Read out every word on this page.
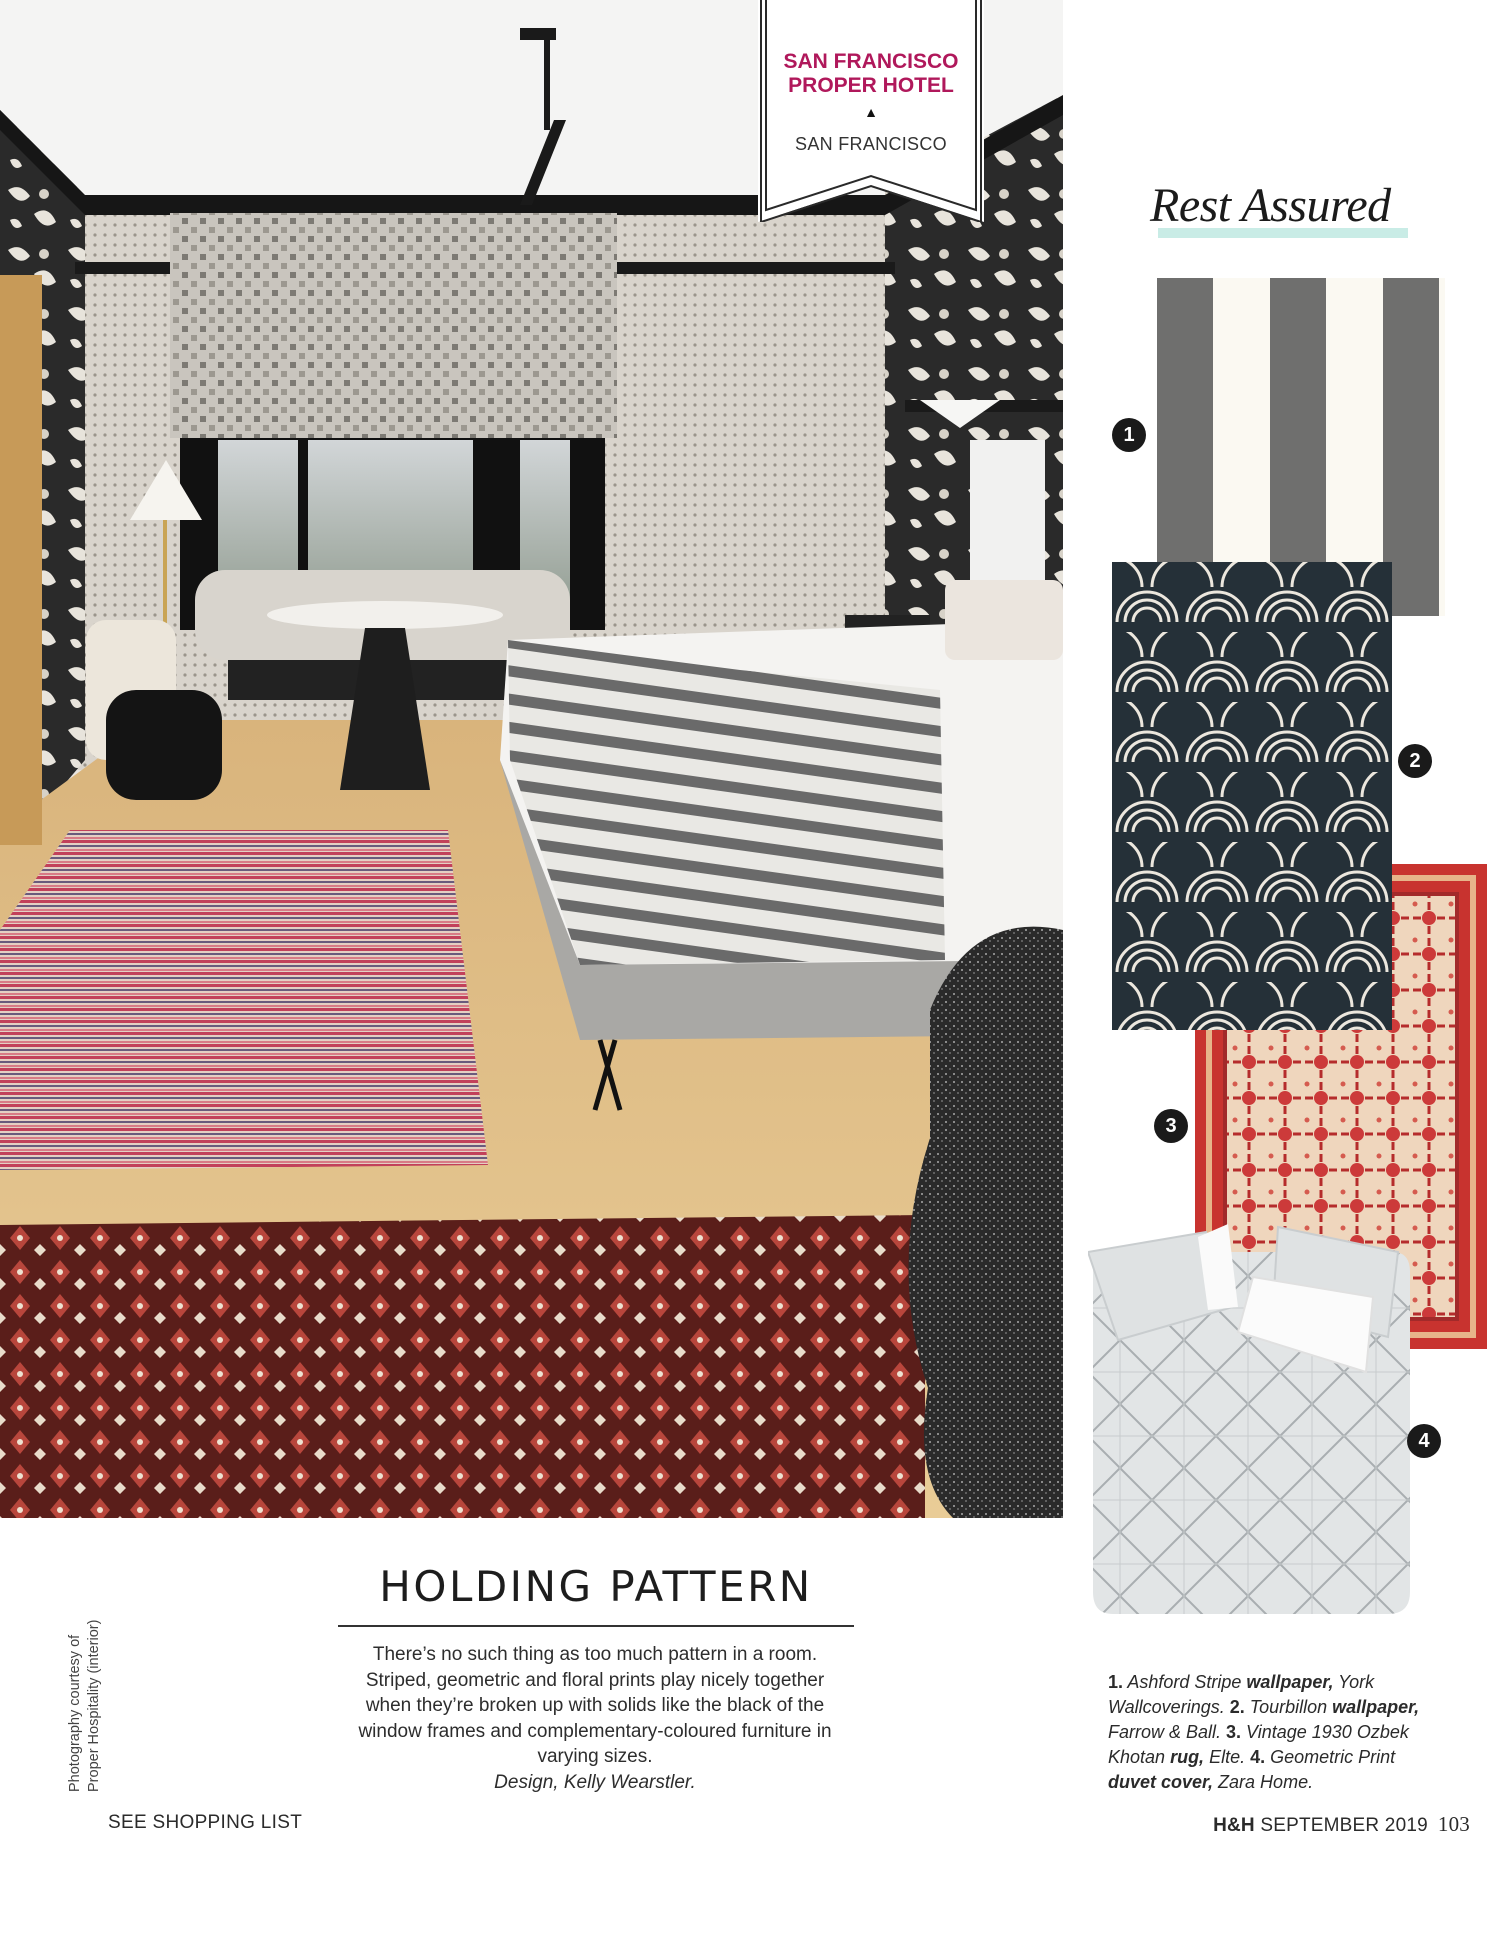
SAN FRANCISCO
PROPER HOTEL
▲
SAN FRANCISCO
Rest Assured
1
2
3
4
1. Ashford Stripe wallpaper, York Wallcoverings. 2. Tourbillon wallpaper, Farrow & Ball. 3. Vintage 1930 Ozbek Khotan rug, Elte. 4. Geometric Print duvet cover, Zara Home.
HOLDING PATTERN
There’s no such thing as too much pattern in a room. Striped, geometric and floral prints play nicely together when they’re broken up with solids like the black of the window frames and complementary-coloured furniture in varying sizes.
Design, Kelly Wearstler.
Photography courtesy of Proper Hospitality (interior)
SEE SHOPPING LIST	H&H SEPTEMBER 2019 103
